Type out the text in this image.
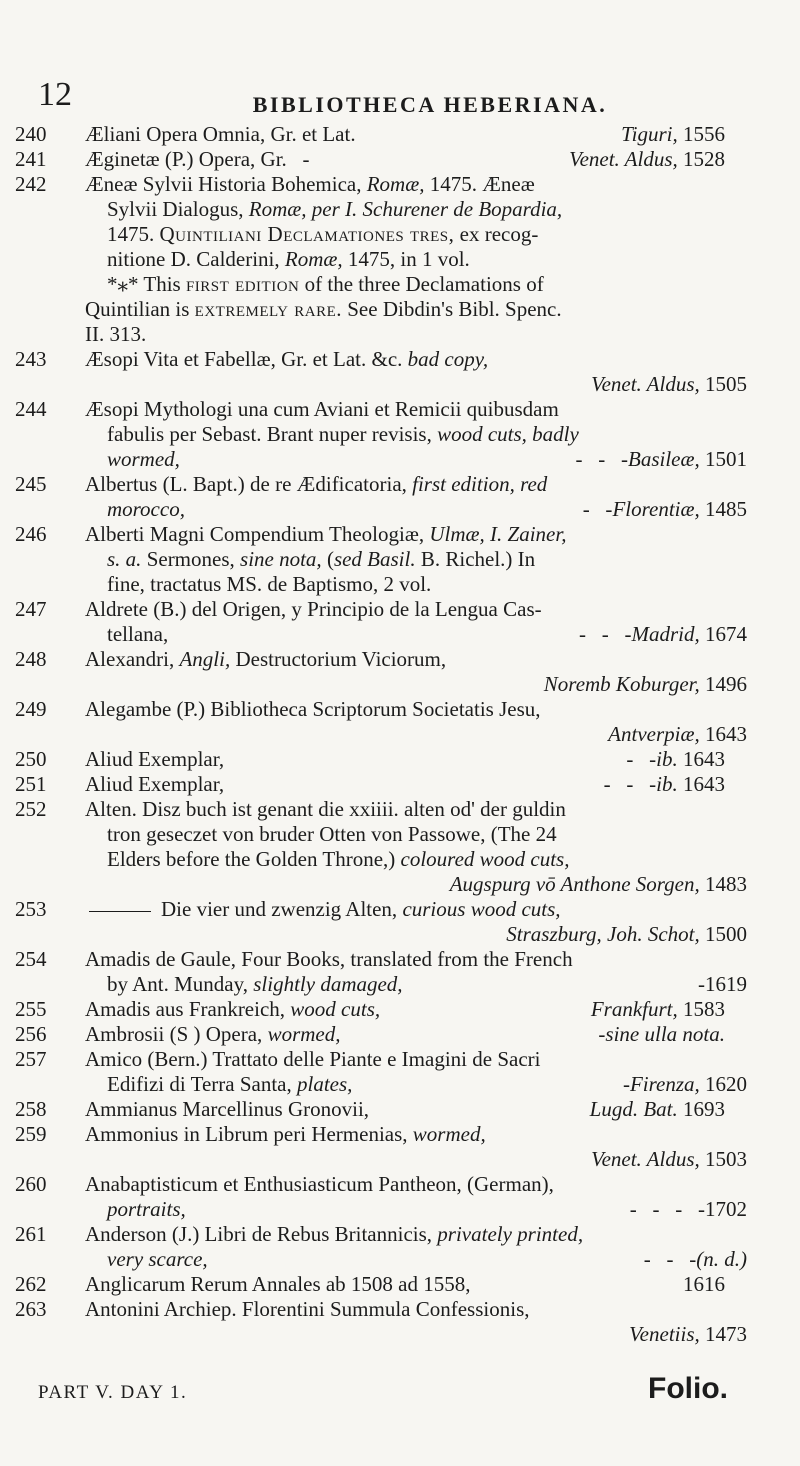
12	BIBLIOTHECA HEBERIANA.
240 Æliani Opera Omnia, Gr. et Lat.	Tiguri, 1556
241 Æginetæ (P.) Opera, Gr.   -	Venet. Aldus, 1528
242 Æneæ Sylvii Historia Bohemica, Romæ, 1475. Æneæ
Sylvii Dialogus, Romæ, per I. Schurener de Bopardia,
1475. Quintiliani Declamationes tres, ex recog-
nitione D. Calderini, Romæ, 1475, in 1 vol.
*⁎* This first edition of the three Declamations of
Quintilian is extremely rare. See Dibdin's Bibl. Spenc.
II. 313.
243 Æsopi Vita et Fabellæ, Gr. et Lat. &c. bad copy,
Venet. Aldus, 1505
244 Æsopi Mythologi una cum Aviani et Remicii quibusdam
fabulis per Sebast. Brant nuper revisis, wood cuts, badly
wormed,	-   -   -Basileæ, 1501
245 Albertus (L. Bapt.) de re Ædificatoria, first edition, red
morocco,	-   -Florentiæ, 1485
246 Alberti Magni Compendium Theologiæ, Ulmæ, I. Zainer,
s. a. Sermones, sine nota, (sed Basil. B. Richel.) In
fine, tractatus MS. de Baptismo, 2 vol.
247 Aldrete (B.) del Origen, y Principio de la Lengua Cas-
tellana,	-   -   -Madrid, 1674
248 Alexandri, Angli, Destructorium Viciorum,
Noremb Koburger, 1496
249 Alegambe (P.) Bibliotheca Scriptorum Societatis Jesu,
Antverpiæ, 1643
250 Aliud Exemplar,	-   -ib. 1643
251 Aliud Exemplar,	-   -   -ib. 1643
252 Alten. Disz buch ist genant die xxiiii. alten od' der guldin
tron geseczet von bruder Otten von Passowe, (The 24
Elders before the Golden Throne,) coloured wood cuts,
Augspurg vō Anthone Sorgen, 1483
253	Die vier und zwenzig Alten, curious wood cuts,
Straszburg, Joh. Schot, 1500
254 Amadis de Gaule, Four Books, translated from the French
by Ant. Munday, slightly damaged,	-1619
255 Amadis aus Frankreich, wood cuts,	Frankfurt, 1583
256 Ambrosii (S ) Opera, wormed,	-sine ulla nota.
257 Amico (Bern.) Trattato delle Piante e Imagini de Sacri
Edifizi di Terra Santa, plates,	-Firenza, 1620
258 Ammianus Marcellinus Gronovii,	Lugd. Bat. 1693
259 Ammonius in Librum peri Hermenias, wormed,
Venet. Aldus, 1503
260 Anabaptisticum et Enthusiasticum Pantheon, (German),
portraits,	-   -   -   -1702
261 Anderson (J.) Libri de Rebus Britannicis, privately printed,
very scarce,	-   -   -(n. d.)
262 Anglicarum Rerum Annales ab 1508 ad 1558,	1616
263 Antonini Archiep. Florentini Summula Confessionis,
Venetiis, 1473
PART V. DAY 1.	Folio.
